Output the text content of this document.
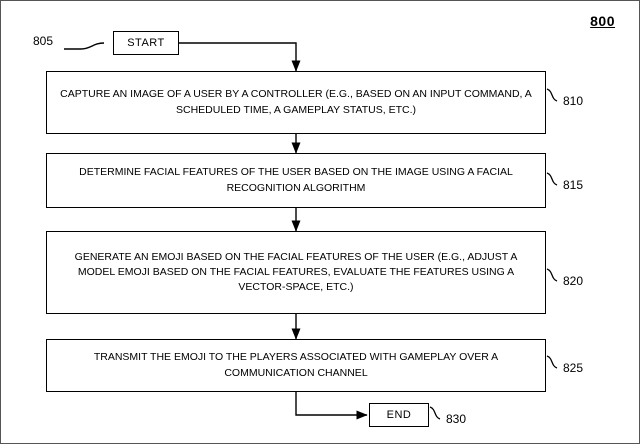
800
805	START
CAPTURE AN IMAGE OF A USER BY A CONTROLLER (E.G., BASED ON AN INPUT COMMAND, A SCHEDULED TIME, A GAMEPLAY STATUS, ETC.)
810
DETERMINE FACIAL FEATURES OF THE USER BASED ON THE IMAGE USING A FACIAL RECOGNITION ALGORITHM	815
GENERATE AN EMOJI BASED ON THE FACIAL FEATURES OF THE USER (E.G., ADJUST A MODEL EMOJI BASED ON THE FACIAL FEATURES, EVALUATE THE FEATURES USING A VECTOR-SPACE, ETC.)	820
TRANSMIT THE EMOJI TO THE PLAYERS ASSOCIATED WITH GAMEPLAY OVER A COMMUNICATION CHANNEL	825
END	830
